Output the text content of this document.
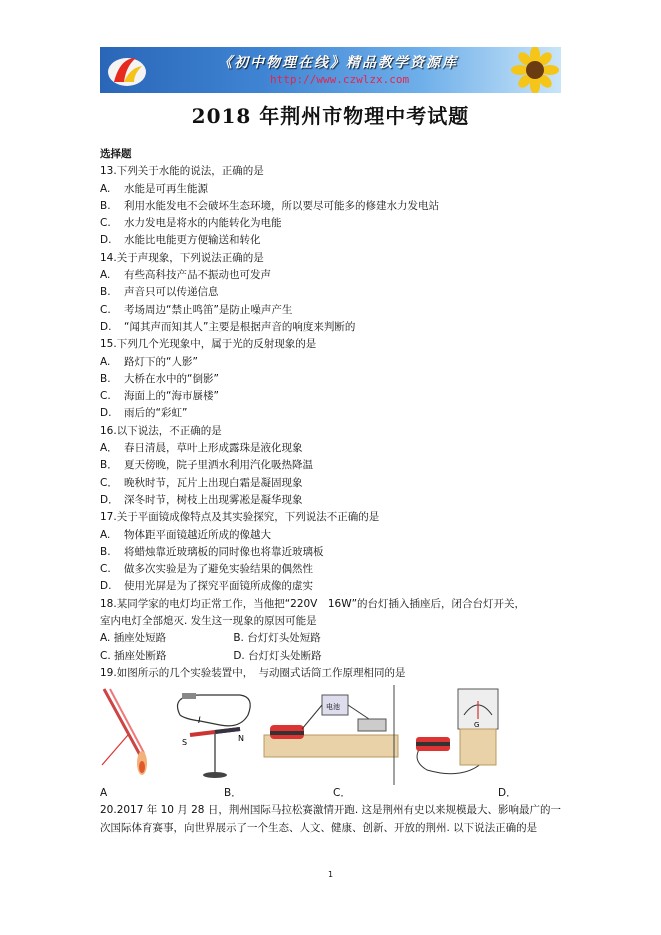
《初中物理在线》精品教学资源库
http://www.czwlzx.com
2018 年荆州市物理中考试题
选择题
13.下列关于水能的说法，正确的是
A. 水能是可再生能源
B. 利用水能发电不会破坏生态环境，所以要尽可能多的修建水力发电站
C. 水力发电是将水的内能转化为电能
D. 水能比电能更方便输送和转化
14.关于声现象，下列说法正确的是
A. 有些高科技产品不振动也可发声
B. 声音只可以传递信息
C. 考场周边“禁止鸣笛”是防止噪声产生
D. “闻其声而知其人”主要是根据声音的响度来判断的
15.下列几个光现象中，属于光的反射现象的是
A. 路灯下的“人影”
B. 大桥在水中的“倒影”
C. 海面上的“海市蜃楼”
D. 雨后的“彩虹”
16.以下说法，不正确的是
A． 春日清晨，草叶上形成露珠是液化现象
B． 夏天傍晚，院子里洒水利用汽化吸热降温
C． 晚秋时节，瓦片上出现白霜是凝固现象
D． 深冬时节，树枝上出现雾凇是凝华现象
17.关于平面镜成像特点及其实验探究，下列说法不正确的是
A. 物体距平面镜越近所成的像越大
B. 将蜡烛靠近玻璃板的同时像也将靠近玻璃板
C. 做多次实验是为了避免实验结果的偶然性
D. 使用光屏是为了探究平面镜所成像的虚实
18.某同学家的电灯均正常工作，当他把“220V　16W”的台灯插入插座后，闭合台灯开关，
室内电灯全部熄灭. 发生这一现象的原因可能是
A. 插座处短路	B. 台灯灯头处短路
C. 插座处断路	D. 台灯灯头处断路
19.如图所示的几个实验装置中，　与动圈式话筒工作原理相同的是
I
S	N
电池
G
A	B．	C．	D．
20.2017 年 10 月 28 日，荆州国际马拉松赛激情开跑. 这是荆州有史以来规模最大、影响最广的一次国际体育赛事，向世界展示了一个生态、人文、健康、创新、开放的荆州. 以下说法正确的是
1
